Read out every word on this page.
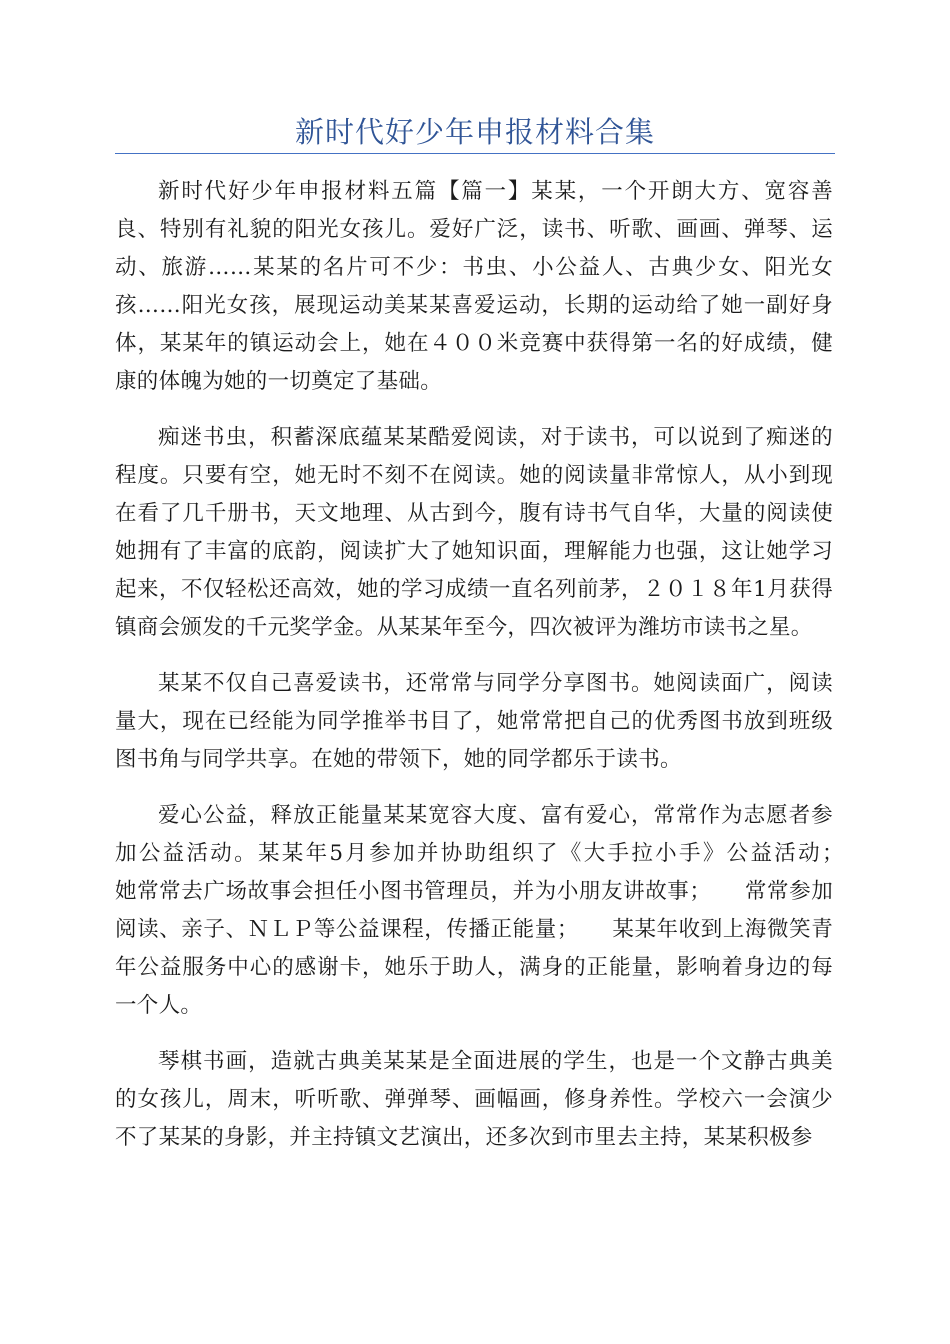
新时代好少年申报材料合集

新时代好少年申报材料五篇【篇一】某某，一个开朗大方、宽容善良、特别有礼貌的阳光女孩儿。爱好广泛，读书、听歌、画画、弹琴、运动、旅游……某某的名片可不少：书虫、小公益人、古典少女、阳光女孩……阳光女孩，展现运动美某某喜爱运动，长期的运动给了她一副好身体，某某年的镇运动会上，她在４００米竞赛中获得第一名的好成绩，健康的体魄为她的一切奠定了基础。

痴迷书虫，积蓄深底蕴某某酷爱阅读，对于读书，可以说到了痴迷的程度。只要有空，她无时不刻不在阅读。她的阅读量非常惊人，从小到现在看了几千册书，天文地理、从古到今，腹有诗书气自华，大量的阅读使她拥有了丰富的底韵，阅读扩大了她知识面，理解能力也强，这让她学习起来，不仅轻松还高效，她的学习成绩一直名列前茅，２０１８年1月获得镇商会颁发的千元奖学金。从某某年至今，四次被评为潍坊市读书之星。

某某不仅自己喜爱读书，还常常与同学分享图书。她阅读面广，阅读量大，现在已经能为同学推举书目了，她常常把自己的优秀图书放到班级图书角与同学共享。在她的带领下，她的同学都乐于读书。

爱心公益，释放正能量某某宽容大度、富有爱心，常常作为志愿者参加公益活动。某某年5月参加并协助组织了《大手拉小手》公益活动；　　她常常去广场故事会担任小图书管理员，并为小朋友讲故事；　　常常参加阅读、亲子、ＮＬＰ等公益课程，传播正能量；　　某某年收到上海微笑青年公益服务中心的感谢卡，她乐于助人，满身的正能量，影响着身边的每一个人。

琴棋书画，造就古典美某某是全面进展的学生，也是一个文静古典美的女孩儿，周末，听听歌、弹弹琴、画幅画，修身养性。学校六一会演少不了某某的身影，并主持镇文艺演出，还多次到市里去主持，某某积极参
